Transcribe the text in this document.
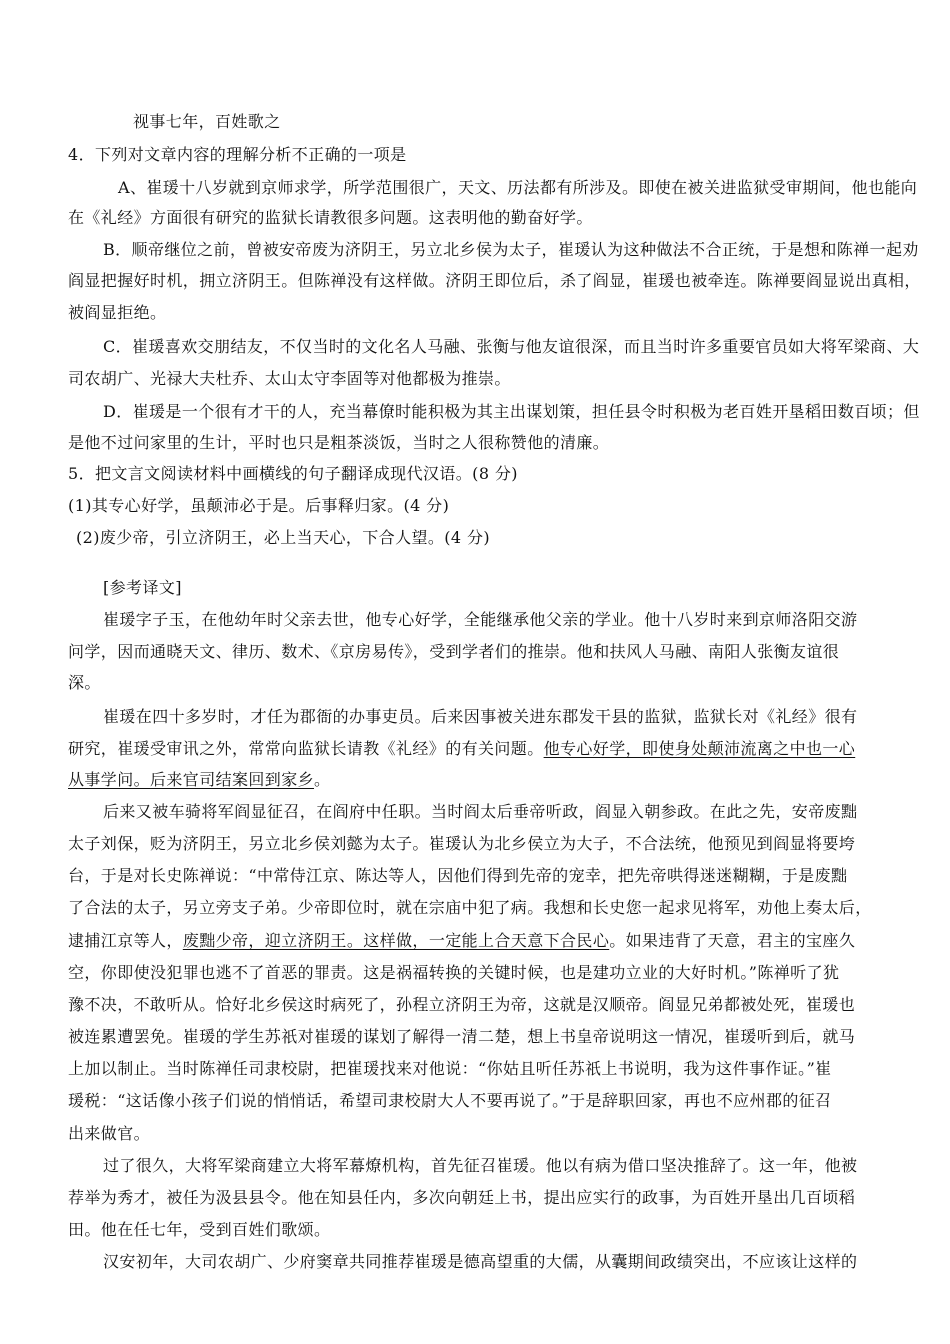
视事七年，百姓歌之
4．下列对文章内容的理解分析不正确的一项是
A、崔瑗十八岁就到京师求学，所学范围很广，天文、历法都有所涉及。即使在被关进监狱受审期间，他也能向
在《礼经》方面很有研究的监狱长请教很多问题。这表明他的勤奋好学。
B．顺帝继位之前，曾被安帝废为济阴王，另立北乡侯为太子，崔瑗认为这种做法不合正统，于是想和陈禅一起劝
阎显把握好时机，拥立济阴王。但陈禅没有这样做。济阴王即位后，杀了阎显，崔瑗也被牵连。陈禅要阎显说出真相，
被阎显拒绝。
C．崔瑗喜欢交朋结友，不仅当时的文化名人马融、张衡与他友谊很深，而且当时许多重要官员如大将军梁商、大
司农胡广、光禄大夫杜乔、太山太守李固等对他都极为推崇。
D．崔瑗是一个很有才干的人，充当幕僚时能积极为其主出谋划策，担任县令时积极为老百姓开垦稻田数百顷；但
是他不过问家里的生计，平时也只是粗茶淡饭，当时之人很称赞他的清廉。
5．把文言文阅读材料中画横线的句子翻译成现代汉语。(8 分)
(1)其专心好学，虽颠沛必于是。后事释归家。(4 分)
(2)废少帝，引立济阴王，必上当天心，下合人望。(4 分)
[参考译文]
崔瑗字子玉，在他幼年时父亲去世，他专心好学，全能继承他父亲的学业。他十八岁时来到京师洛阳交游
问学，因而通晓天文、律历、数术、《京房易传》，受到学者们的推崇。他和扶风人马融、南阳人张衡友谊很
深。
崔瑗在四十多岁时，才任为郡衙的办事吏员。后来因事被关进东郡发干县的监狱，监狱长对《礼经》很有
研究，崔瑗受审讯之外，常常向监狱长请教《礼经》的有关问题。他专心好学，即使身处颠沛流离之中也一心
从事学问。后来官司结案回到家乡。
后来又被车骑将军阎显征召，在阎府中任职。当时阎太后垂帝听政，阎显入朝参政。在此之先，安帝废黜
太子刘保，贬为济阴王，另立北乡侯刘懿为太子。崔瑗认为北乡侯立为大子，不合法统，他预见到阎显将要垮
台，于是对长史陈禅说：“中常侍江京、陈达等人，因他们得到先帝的宠幸，把先帝哄得迷迷糊糊，于是废黜
了合法的太子，另立旁支子弟。少帝即位时，就在宗庙中犯了病。我想和长史您一起求见将军，劝他上奏太后，
逮捕江京等人，废黜少帝，迎立济阴王。这样做，一定能上合天意下合民心。如果违背了天意，君主的宝座久
空，你即使没犯罪也逃不了首恶的罪责。这是祸福转换的关键时候，也是建功立业的大好时机。”陈禅听了犹
豫不决，不敢听从。恰好北乡侯这时病死了，孙程立济阴王为帝，这就是汉顺帝。阎显兄弟都被处死，崔瑗也
被连累遭罢免。崔瑗的学生苏祇对崔瑗的谋划了解得一清二楚，想上书皇帝说明这一情况，崔瑗听到后，就马
上加以制止。当时陈禅任司隶校尉，把崔瑗找来对他说：“你姑且听任苏祇上书说明，我为这件事作证。”崔
瑗税：“这话像小孩子们说的悄悄话，希望司隶校尉大人不要再说了。”于是辞职回家，再也不应州郡的征召
出来做官。
过了很久，大将军梁商建立大将军幕燎机构，首先征召崔瑗。他以有病为借口坚决推辞了。这一年，他被
荐举为秀才，被任为汲县县令。他在知县任内，多次向朝廷上书，提出应实行的政事，为百姓开垦出几百顷稻
田。他在任七年，受到百姓们歌颂。
汉安初年，大司农胡广、少府窦章共同推荐崔瑗是德高望重的大儒，从囊期间政绩突出，不应该让这样的
